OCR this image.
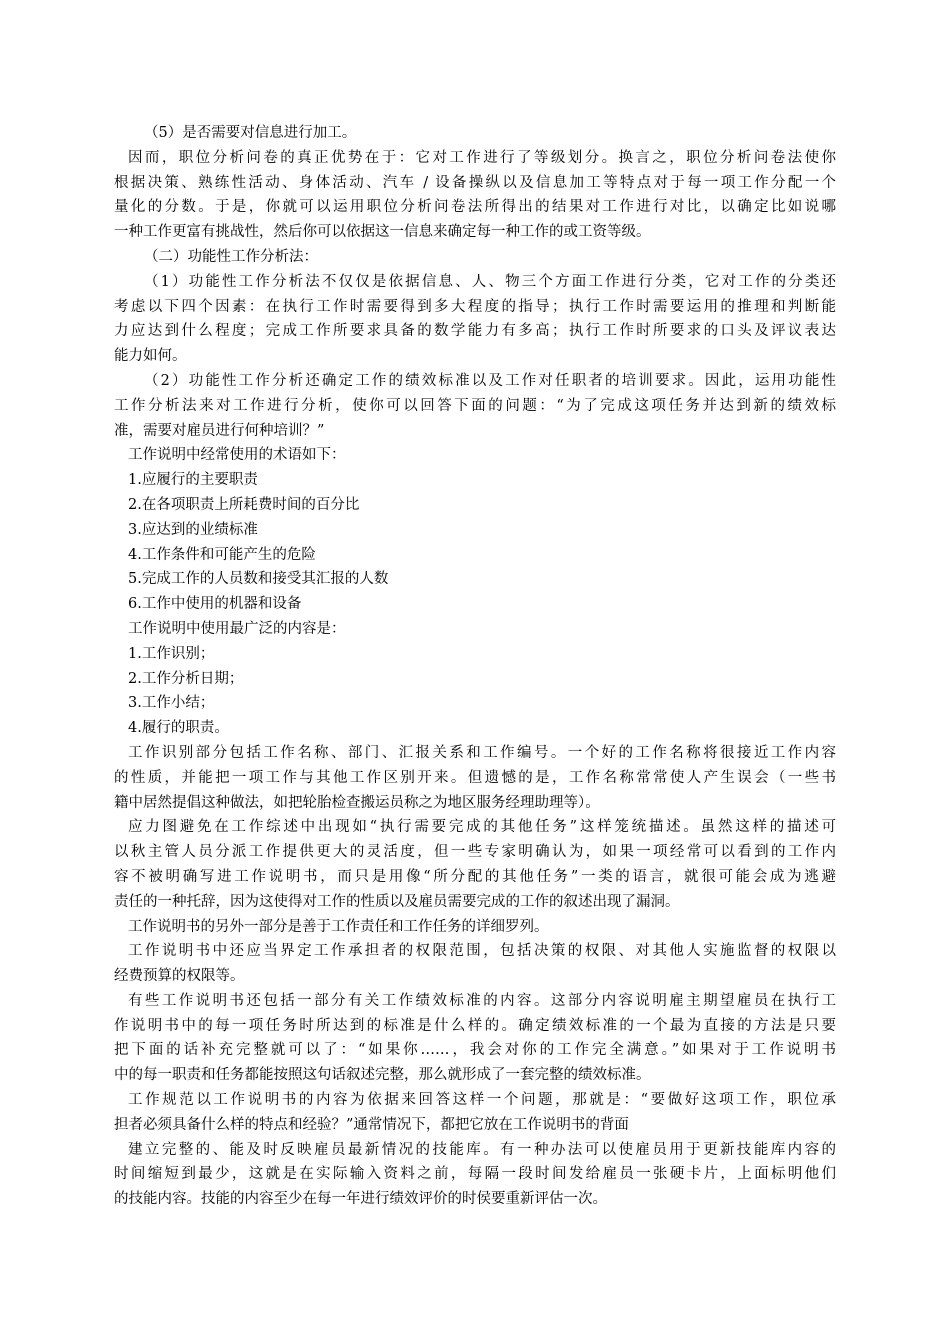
（5）是否需要对信息进行加工。
因而，职位分析问卷的真正优势在于：它对工作进行了等级划分。换言之，职位分析问卷法使你
根据决策、熟练性活动、身体活动、汽车 / 设备操纵以及信息加工等特点对于每一项工作分配一个
量化的分数。于是，你就可以运用职位分析问卷法所得出的结果对工作进行对比，以确定比如说哪
一种工作更富有挑战性，然后你可以依据这一信息来确定每一种工作的或工资等级。
（二）功能性工作分析法：
（1）功能性工作分析法不仅仅是依据信息、人、物三个方面工作进行分类，它对工作的分类还
考虑以下四个因素：在执行工作时需要得到多大程度的指导；执行工作时需要运用的推理和判断能
力应达到什么程度；完成工作所要求具备的数学能力有多高；执行工作时所要求的口头及评议表达
能力如何。
（2）功能性工作分析还确定工作的绩效标准以及工作对任职者的培训要求。因此，运用功能性
工作分析法来对工作进行分析，使你可以回答下面的问题：“为了完成这项任务并达到新的绩效标
准，需要对雇员进行何种培训？”
工作说明中经常使用的术语如下：
1.应履行的主要职责
2.在各项职责上所耗费时间的百分比
3.应达到的业绩标准
4.工作条件和可能产生的危险
5.完成工作的人员数和接受其汇报的人数
6.工作中使用的机器和设备
工作说明中使用最广泛的内容是：
1.工作识别；
2.工作分析日期；
3.工作小结；
4.履行的职责。
工作识别部分包括工作名称、部门、汇报关系和工作编号。一个好的工作名称将很接近工作内容
的性质，并能把一项工作与其他工作区别开来。但遗憾的是，工作名称常常使人产生误会（一些书
籍中居然提倡这种做法，如把轮胎检查搬运员称之为地区服务经理助理等）。
应力图避免在工作综述中出现如“执行需要完成的其他任务”这样笼统描述。虽然这样的描述可
以秋主管人员分派工作提供更大的灵活度，但一些专家明确认为，如果一项经常可以看到的工作内
容不被明确写进工作说明书，而只是用像“所分配的其他任务”一类的语言，就很可能会成为逃避
责任的一种托辞，因为这使得对工作的性质以及雇员需要完成的工作的叙述出现了漏洞。
工作说明书的另外一部分是善于工作责任和工作任务的详细罗列。
工作说明书中还应当界定工作承担者的权限范围，包括决策的权限、对其他人实施监督的权限以
经费预算的权限等。
有些工作说明书还包括一部分有关工作绩效标准的内容。这部分内容说明雇主期望雇员在执行工
作说明书中的每一项任务时所达到的标准是什么样的。确定绩效标准的一个最为直接的方法是只要
把下面的话补充完整就可以了：“如果你……，我会对你的工作完全满意。”如果对于工作说明书
中的每一职责和任务都能按照这句话叙述完整，那么就形成了一套完整的绩效标准。
工作规范以工作说明书的内容为依据来回答这样一个问题，那就是：“要做好这项工作，职位承
担者必须具备什么样的特点和经验？”通常情况下，都把它放在工作说明书的背面
建立完整的、能及时反映雇员最新情况的技能库。有一种办法可以使雇员用于更新技能库内容的
时间缩短到最少，这就是在实际输入资料之前，每隔一段时间发给雇员一张硬卡片，上面标明他们
的技能内容。技能的内容至少在每一年进行绩效评价的时侯要重新评估一次。
